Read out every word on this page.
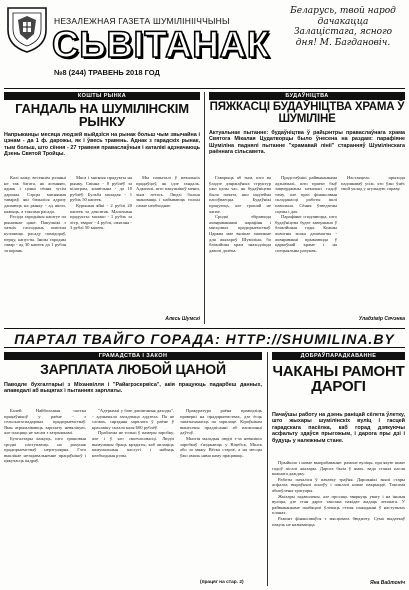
НЕЗАЛЕЖНАЯ ГАЗЕТА ШУМІЛІНІІЧЧЫНЫ
СЬВІТАНАК
Беларусь, твой народ дачакацца Залацістага, ясного дня! М. Багдановіч.
№8 (244) ТРАВЕНЬ 2018 ГОД
КОШТЫ РЫНКА
ГАНДАЛЬ НА ШУМІЛІНСКІМ РЫНКУ
Напрыканцы месяца людзей выйдзіся на рынак больш чым звычайна і цэнам - да 1 ф. дарожы, як і ўвесь травень. Аднак з гарадскіх рынак, тым больш, што сёння - 27 травеня праваслаўныя і каталікі адзначаюць Дзень Святой Тройцы.

Калі кажу, весеннім рэзанні не так багата, як асенняю, аднак і цэнні сёння зусім дарожы. Сэрцы мясняныя тавараў, які бачыліся адразу дашаюць на рынку - ад яшчэ, кажыць, а таксама расада.

Расада гародніны каштуе па рыначнае цане. Пакупнікі з хатніх гасподынь ахвотна купляюць расаду памідораў, перцу, капусты. Іншы гародны тавар - ад 30 капеек да 1 рубля за корань.

Мяса і мясныя прадукты на рынку. Свінна - 8 рублёў за кілаграм, ялавічына - да 10 рублёў. Бульба маладая - 1 рубль 50 капеек.

Курыныя яйкі - 2 рублі 20 капеек за дзясятак. Малочныя прадукты: малако - 1 рубль за літр, тварог - 4 рублі, смятана - 3 рублі 50 капеек.

Мы папыталі ў некалькіх прадаўцоў, як ідзе гандаль. Адказалі, што пакупнікоў менш, чым летась. Людзі больш эканомяць і набываюць толькі самае неабходнае.

Алесь Шумскі
БУДАЎНІЦТВА
ПЯЖКАСЦІ БУДАЎНІЦТВА ХРАМА Ў ШУМІЛІНЕ
Актуальнае пытанне: будаўніцтва ў райцэнтры праваслаўнага храма Святога Мікалая Цудатворцы было ўнесена на раздам: парафіяне Шуміліна паднялі пытанне "храмавай лініі" старанняў Шумілінскага раённага сільсавета.

Гаворыць аб тым, што ва ўладзе дзяржаўных структур ужо цэлы час, як будаўніцтва было пачата, яно надзейна пасоўваецца. Будаўнікі працуюць, але грошай не хапае.

Сродкі збіраюцца ахвяраваннямі парафіян і мясцовых прадпрыемстваў. Царква мае вялікае значэнне для жыхароў Шуміліна, бо бліжэйшы храм знаходзіцца даволі далёка.

Прадстаўнікі райвыканкама адзначылі, што праект быў зацверджаны некалькі гадоў таму, але праз фінансавыя складанасці работы ішлі павольна. Сёння ўзведзены сцены і дах.

Парафіяне спадзяюцца, што будаўніцтва будзе завершана ў бліжэйшыя гады. Кожны ахвотны можа дапамагчы - ахвяраванні прымаюцца ў царкоўнай краме і на спецыяльны рахунак.

Настаяцель прыхода падзякаваў усім, хто ўжо ўнёс свой уклад у агульную справу.

Уладзімір Сячэнка
ПАРТАЛ ТВАЙГО ГОРАДА: HTTP://SHUMILINA.BY
ГРАМАДСТВА І ЗАКОН
ЗАРПЛАТА ЛЮБОЙ ЦАНОЙ
Паводле бухгалтарыі з Міханвілля і "Райагрэсервіса", акія працуюць падарбеш данных, апаведалі аб выцягах і пытаннях зарплаты.

Балей. Найбольшая частка працаўнікоў у раёне - з сельскагаспадарчых прадпрыемстваў. Яны атрымліваюць зарплату невялікую, але плацяць яе часам з затрымкамі.

Бухгалтары кажуць, што грашовыя сродкі паступаюць на рахунак прадпрыемстваў нерэгулярна. Гэта выклікае незадавальненне працаўнікоў і цякучасць кадраў.

"Адтрымлі у базе дапіятаныя даходы", - адзначыла загадчыца аддзела. Па яе словах, сярэдняя зарплата ў раёне ў красавіку склала каля 600 рублёў.

Праблема не толькі ў памеры заробку, але і ў яго своечасовасці. Людзі вымушаны браць крэдыты, каб аплаціць камунальныя паслугі і набыць неабходныя рэчы.

Пракуратура раёна праводзіць праверкі на прадпрыемствах, дзе ёсць запазычанасць па зарплаце. Кіраўнікам вынесены прадпісанні аб пагашэнні даўгоў.

Многія маладыя людзі з-за невялікіх заробкаў з'язджаюць у Віцебск, Мінск або за мяжу. Вёска старэе, а на месцы ўжо амаль няма каму працаваць.

(працяг на стар. 2)
ДОБРАЎПАРАДКАВАННЕ
ЧАКАНЫ РАМОНТ ДАРОГІ
Пачаўшы работу на дзень раніцай сёлета ўлетку, што жыхары шумілінскіх вуліц і гасцей гарадскага пасёлка, каб горад дзякуючы асфальту здаўся прыгожым, і дарога пры дзі i будуць у належным стане.

Прыйшло і новае выпрабаванне: рамонт вуліцы, пра якую шмат гадоў пісалі жыхары. Дарога была ў ямах, вада стаяла пасля кожнага дажджу.

Работы пачаліся ў пачатку траўня. Дарожнікі знялі стары асфальт, выраўнялі асноўу і паклалі новае пакрыццё. Таксама абноўлены тратуары.

Жыхары задаволены, але просяць звярнуць увагу і на іншыя вуліцы, дзе стан дарог таксама пакідае жадаць лепшага. У райвыканкаме паабяцалі ўлічыць гэтыя пажаданні ў наступных планах.

Рамонт фінансаваўся з мясцовага бюджэту. Сума выдаткаў пакуль не называецца.

Яна Вайтоніч
